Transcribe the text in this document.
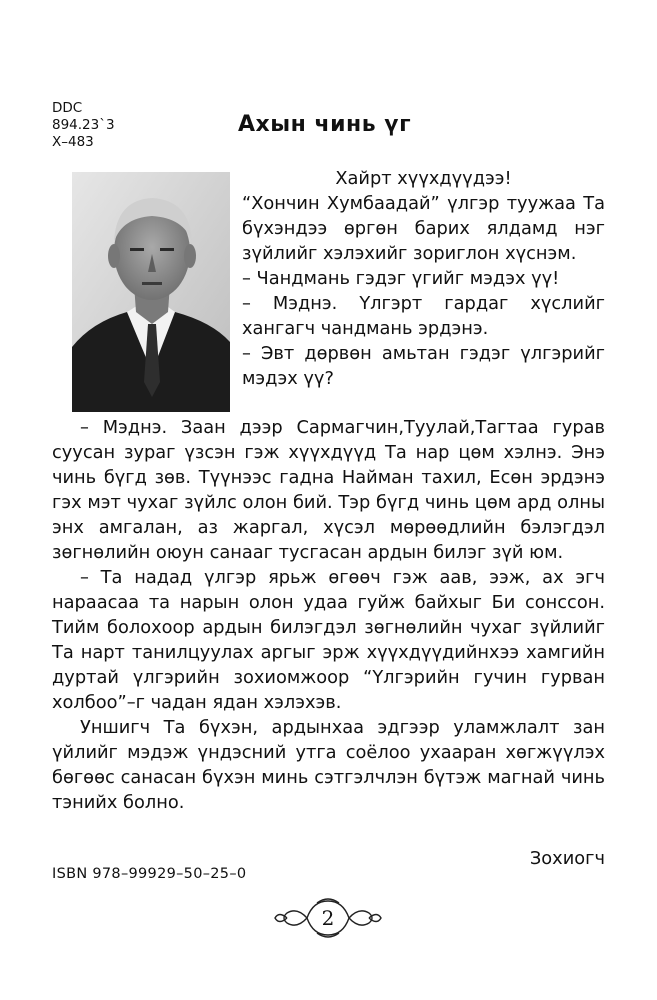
DDC
894.23`3
Х–483
Ахын чинь үг

Хайрт хүүхдүүдээ!

“Хончин Хумбаадай” үлгэр туужаа Та бүхэндээ өргөн барих ялдамд нэг зүйлийг хэлэхийг зориглон хүснэм.

– Чандмань гэдэг үгийг мэдэх үү!

– Мэднэ. Үлгэрт гардаг хүслийг хангагч чандмань эрдэнэ.

– Эвт дөрвөн амьтан гэдэг үлгэрийг мэдэх үү?

– Мэднэ. Заан дээр Сармагчин,Туулай,Тагтаа гурав суусан зураг үзсэн гэж хүүхдүүд Та нар цөм хэлнэ. Энэ чинь бүгд зөв. Түүнээс гадна Найман тахил, Есөн эрдэнэ гэх мэт чухаг зүйлс олон бий. Тэр бүгд чинь цөм ард олны энх амгалан, аз жаргал, хүсэл мөрөөдлийн бэлэгдэл зөгнөлийн оюун санааг тусгасан ардын билэг зүй юм.

– Та надад үлгэр ярьж өгөөч гэж аав, ээж, ах эгч нараасаа та нарын олон удаа гуйж байхыг Би сонссон. Тийм болохоор ардын билэгдэл зөгнөлийн чухаг зүйлийг Та нарт танилцуулах аргыг эрж хүүхдүүдийнхээ хамгийн дуртай үлгэрийн зохиомжоор “Үлгэрийн гучин гурван холбоо”–г чадан ядан хэлэхэв.

Уншигч Та бүхэн, ардынхаа эдгээр уламжлалт зан үйлийг мэдэж үндэсний утга соёлоо ухааран хөгжүүлэх бөгөөс санасан бүхэн минь сэтгэлчлэн бүтэж магнай чинь тэнийх болно.

Зохиогч
ISBN 978–99929–50–25–0
2
